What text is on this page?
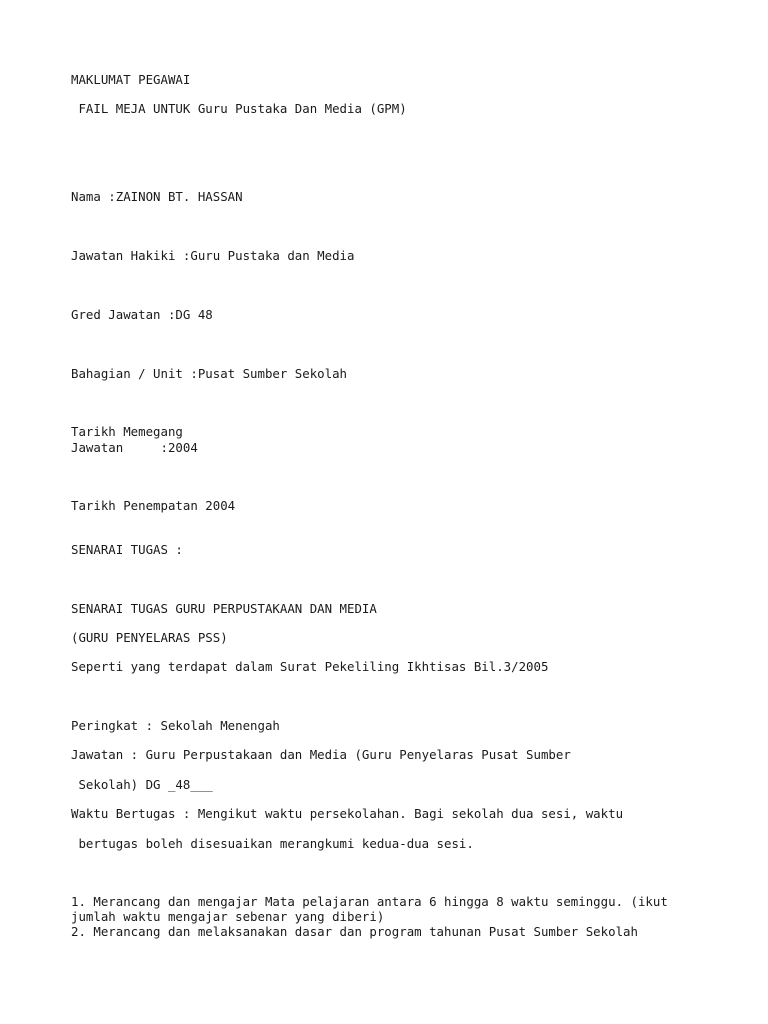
MAKLUMAT PEGAWAI

FAIL MEJA UNTUK Guru Pustaka Dan Media (GPM)

Nama :ZAINON BT. HASSAN

Jawatan Hakiki :Guru Pustaka dan Media

Gred Jawatan :DG 48

Bahagian / Unit :Pusat Sumber Sekolah

Tarikh Memegang

Jawatan     :2004

Tarikh Penempatan 2004

SENARAI TUGAS :

SENARAI TUGAS GURU PERPUSTAKAAN DAN MEDIA

(GURU PENYELARAS PSS)

Seperti yang terdapat dalam Surat Pekeliling Ikhtisas Bil.3/2005

Peringkat : Sekolah Menengah

Jawatan : Guru Perpustakaan dan Media (Guru Penyelaras Pusat Sumber

Sekolah) DG _48___

Waktu Bertugas : Mengikut waktu persekolahan. Bagi sekolah dua sesi, waktu

bertugas boleh disesuaikan merangkumi kedua-dua sesi.

1. Merancang dan mengajar Mata pelajaran antara 6 hingga 8 waktu seminggu. (ikut

jumlah waktu mengajar sebenar yang diberi)

2. Merancang dan melaksanakan dasar dan program tahunan Pusat Sumber Sekolah
